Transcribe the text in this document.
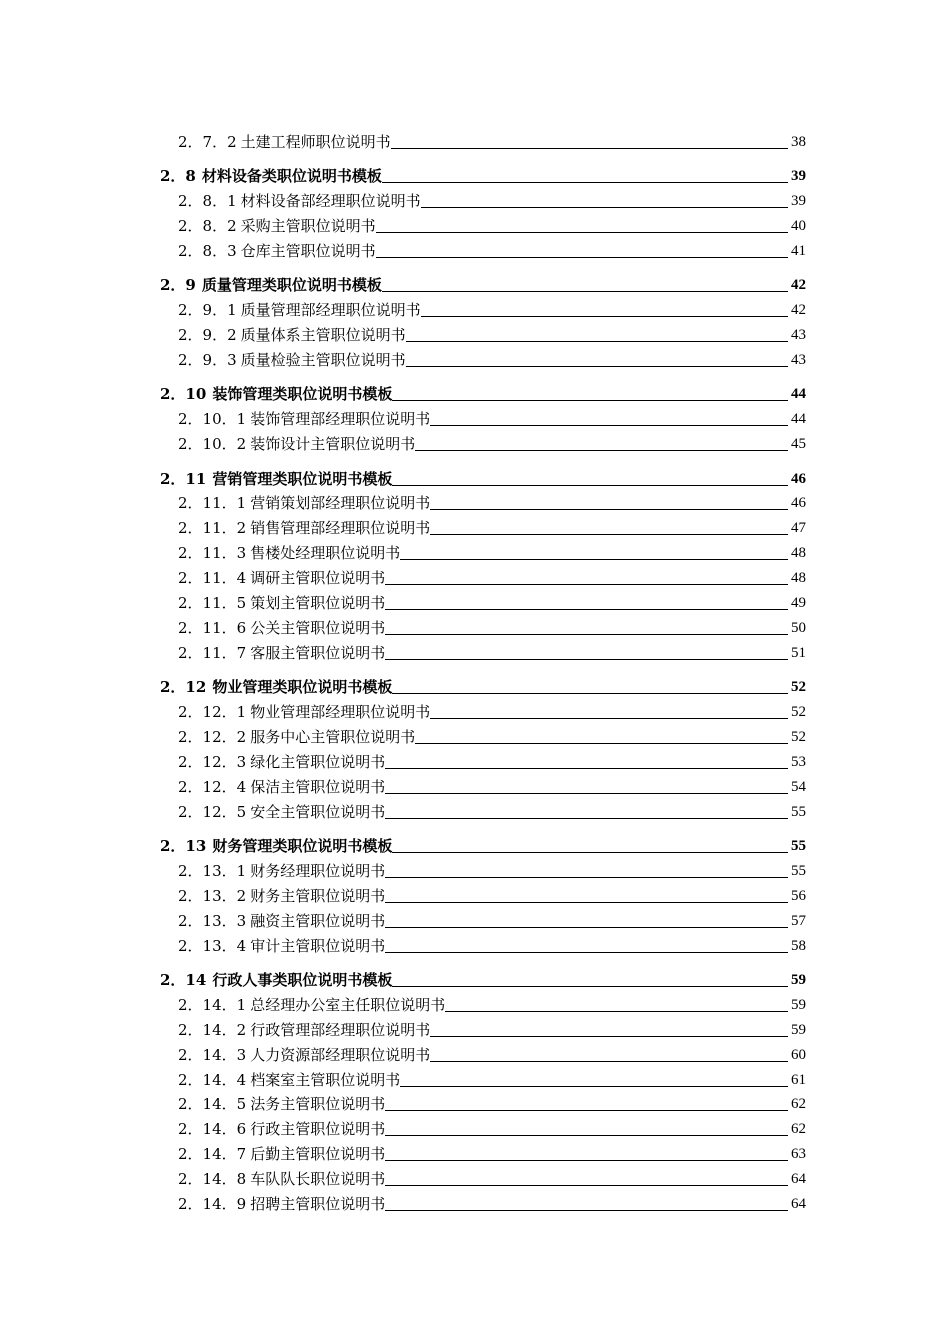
2．7．2 土建工程师职位说明书	38
2．8 材料设备类职位说明书模板	39
2．8．1 材料设备部经理职位说明书	39
2．8．2 采购主管职位说明书	40
2．8．3 仓库主管职位说明书	41
2．9 质量管理类职位说明书模板	42
2．9．1 质量管理部经理职位说明书	42
2．9．2 质量体系主管职位说明书	43
2．9．3 质量检验主管职位说明书	43
2．10 装饰管理类职位说明书模板	44
2．10．1 装饰管理部经理职位说明书	44
2．10．2 装饰设计主管职位说明书	45
2．11 营销管理类职位说明书模板	46
2．11．1 营销策划部经理职位说明书	46
2．11．2 销售管理部经理职位说明书	47
2．11．3 售楼处经理职位说明书	48
2．11．4 调研主管职位说明书	48
2．11．5 策划主管职位说明书	49
2．11．6 公关主管职位说明书	50
2．11．7 客服主管职位说明书	51
2．12 物业管理类职位说明书模板	52
2．12．1 物业管理部经理职位说明书	52
2．12．2 服务中心主管职位说明书	52
2．12．3 绿化主管职位说明书	53
2．12．4 保洁主管职位说明书	54
2．12．5 安全主管职位说明书	55
2．13 财务管理类职位说明书模板	55
2．13．1 财务经理职位说明书	55
2．13．2 财务主管职位说明书	56
2．13．3 融资主管职位说明书	57
2．13．4 审计主管职位说明书	58
2．14 行政人事类职位说明书模板	59
2．14．1 总经理办公室主任职位说明书	59
2．14．2 行政管理部经理职位说明书	59
2．14．3 人力资源部经理职位说明书	60
2．14．4 档案室主管职位说明书	61
2．14．5 法务主管职位说明书	62
2．14．6 行政主管职位说明书	62
2．14．7 后勤主管职位说明书	63
2．14．8 车队队长职位说明书	64
2．14．9 招聘主管职位说明书	64
